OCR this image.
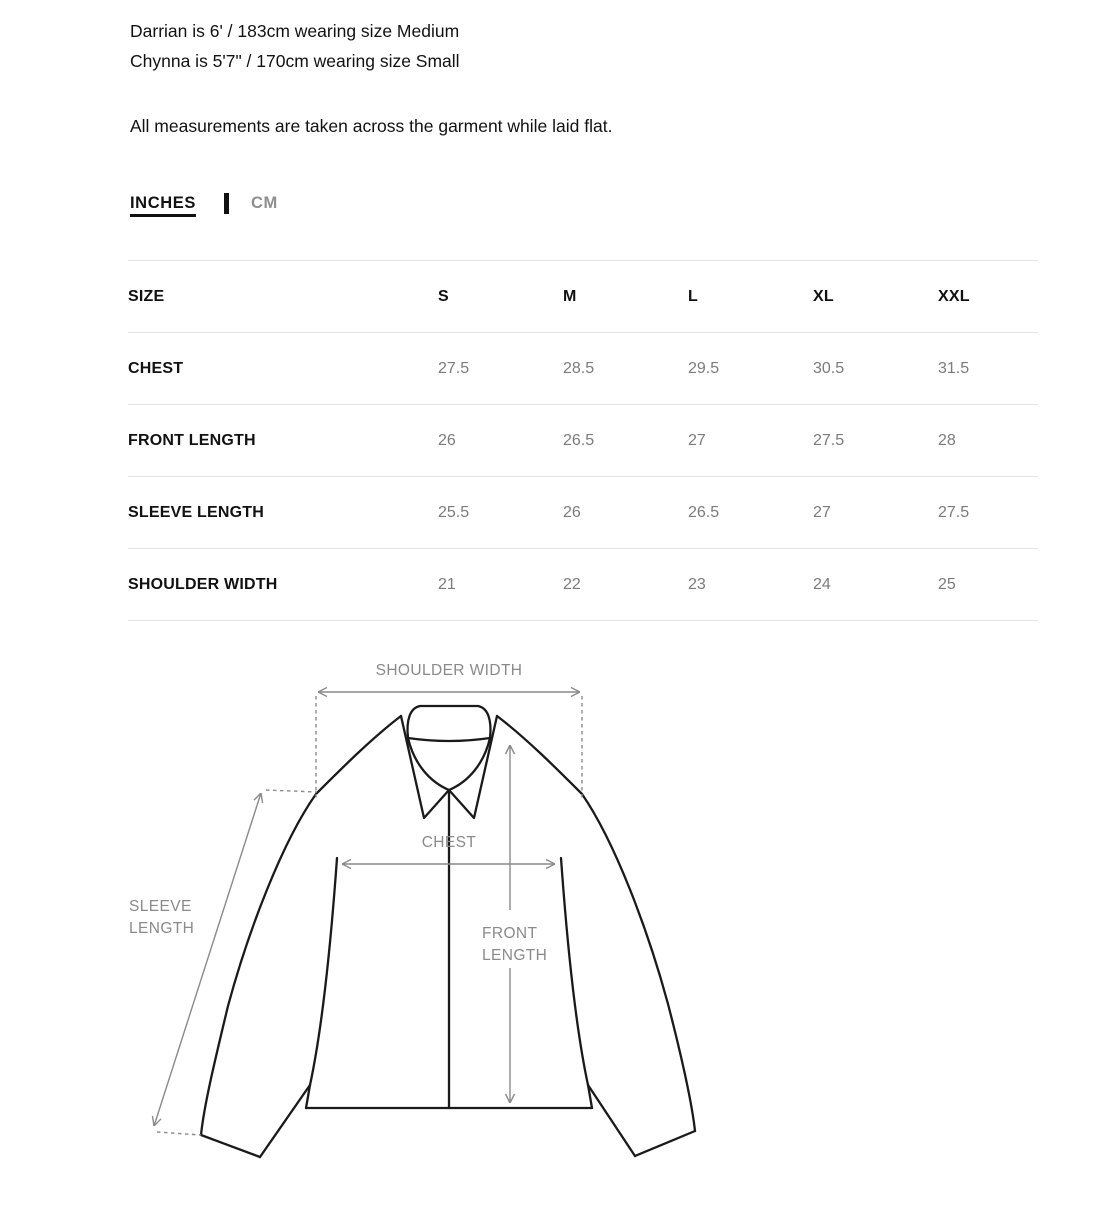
Darrian is 6' / 183cm wearing size Medium
Chynna is 5'7" / 170cm wearing size Small
All measurements are taken across the garment while laid flat.
INCHES	CM
SIZE	S	M	L	XL	XXL
CHEST	27.5	28.5	29.5	30.5	31.5
FRONT LENGTH	26	26.5	27	27.5	28
SLEEVE LENGTH	25.5	26	26.5	27	27.5
SHOULDER WIDTH	21	22	23	24	25
SHOULDER WIDTH
CHEST
FRONT
LENGTH
SLEEVE
LENGTH
